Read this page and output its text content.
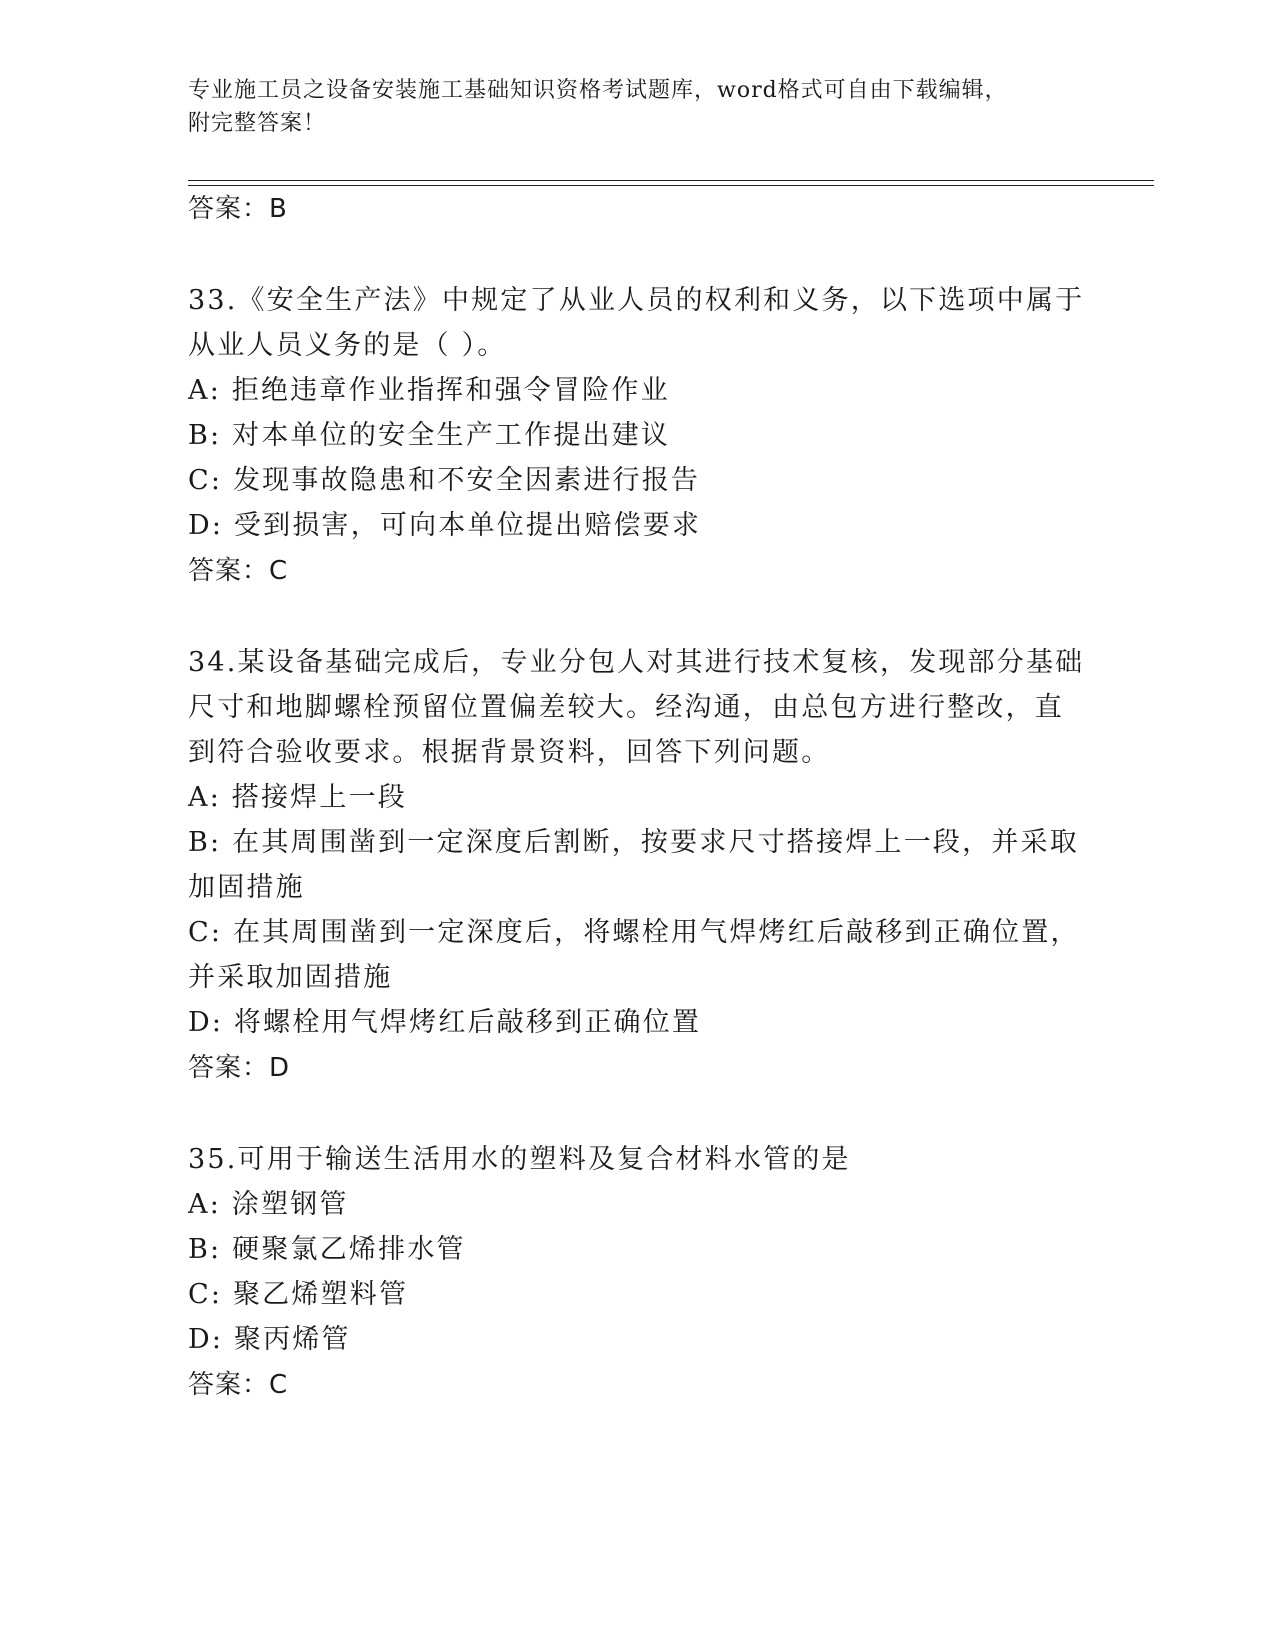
专业施工员之设备安装施工基础知识资格考试题库，word格式可自由下载编辑，
附完整答案！
答案：B
33.《安全生产法》中规定了从业人员的权利和义务，以下选项中属于
从业人员义务的是（ ）。
A: 拒绝违章作业指挥和强令冒险作业
B: 对本单位的安全生产工作提出建议
C: 发现事故隐患和不安全因素进行报告
D: 受到损害，可向本单位提出赔偿要求
答案：C
34.某设备基础完成后，专业分包人对其进行技术复核，发现部分基础
尺寸和地脚螺栓预留位置偏差较大。经沟通，由总包方进行整改，直
到符合验收要求。根据背景资料，回答下列问题。
A: 搭接焊上一段
B: 在其周围凿到一定深度后割断，按要求尺寸搭接焊上一段，并采取
加固措施
C: 在其周围凿到一定深度后，将螺栓用气焊烤红后敲移到正确位置，
并采取加固措施
D: 将螺栓用气焊烤红后敲移到正确位置
答案：D
35.可用于输送生活用水的塑料及复合材料水管的是
A: 涂塑钢管
B: 硬聚氯乙烯排水管
C: 聚乙烯塑料管
D: 聚丙烯管
答案：C
